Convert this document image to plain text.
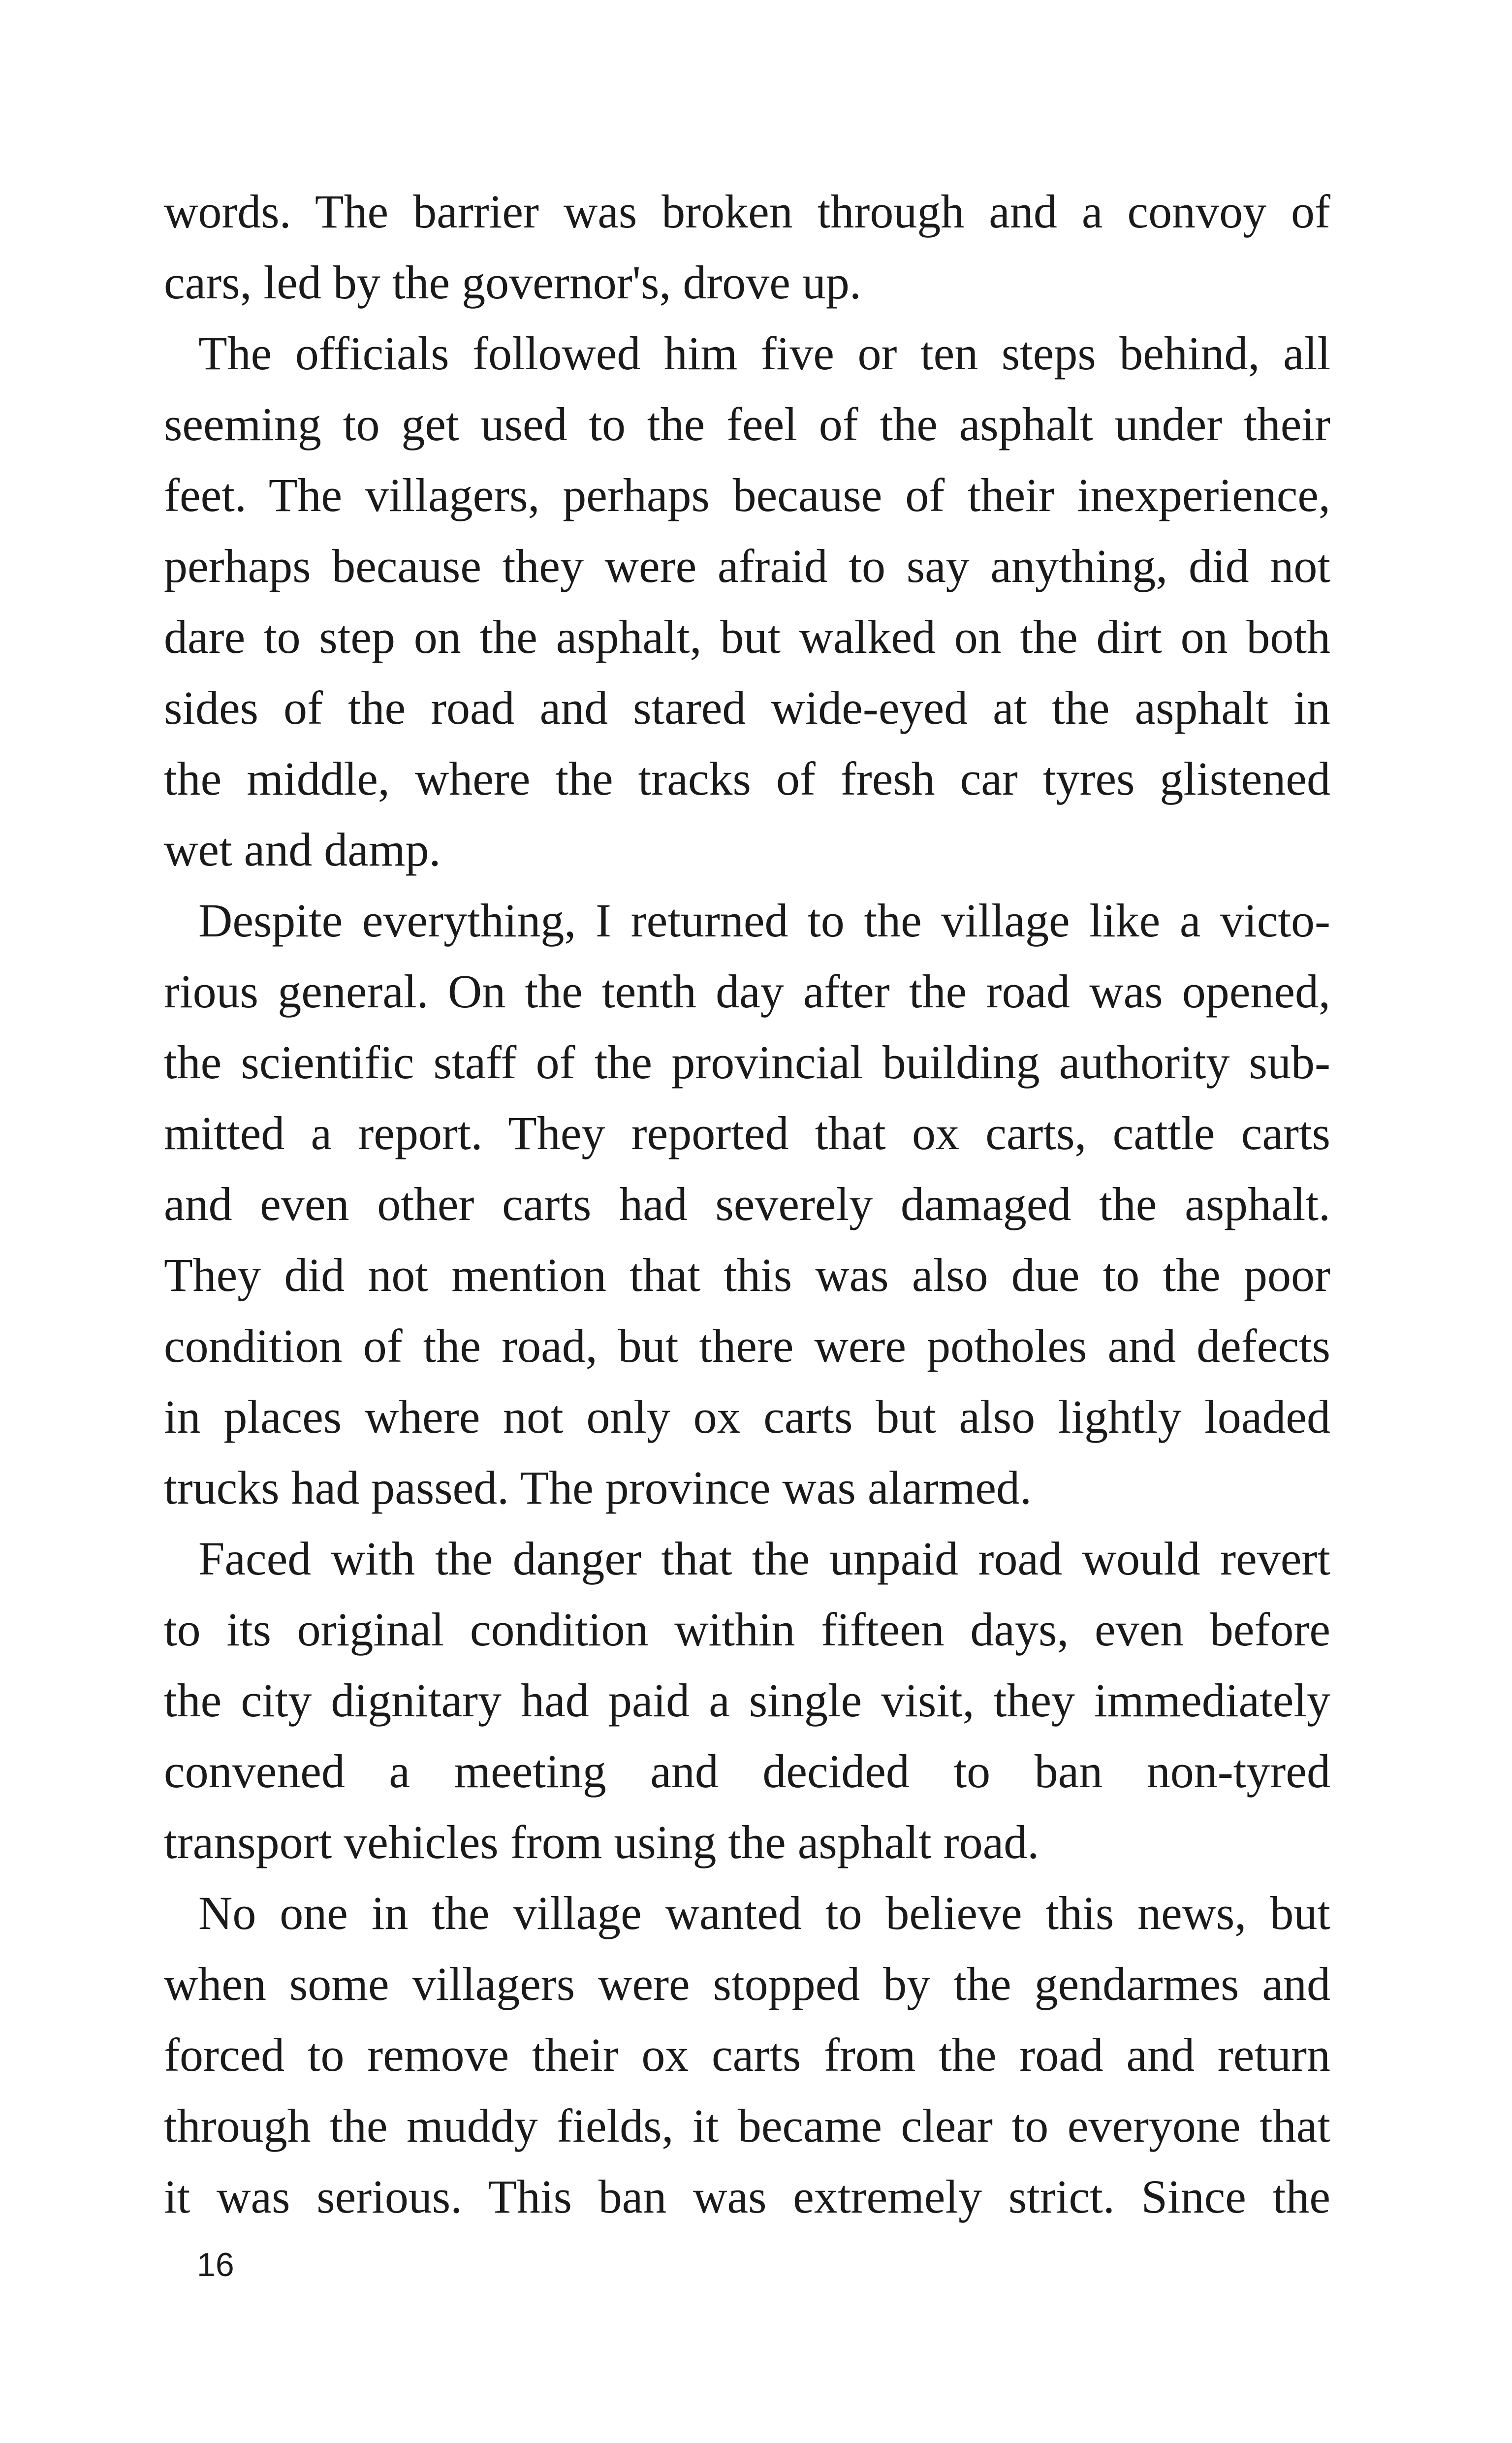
words. The barrier was broken through and a convoy of
cars, led by the governor's, drove up.
The officials followed him five or ten steps behind, all
seeming to get used to the feel of the asphalt under their
feet. The villagers, perhaps because of their inexperience,
perhaps because they were afraid to say anything, did not
dare to step on the asphalt, but walked on the dirt on both
sides of the road and stared wide-eyed at the asphalt in
the middle, where the tracks of fresh car tyres glistened
wet and damp.
Despite everything, I returned to the village like a victo-
rious general. On the tenth day after the road was opened,
the scientific staff of the provincial building authority sub-
mitted a report. They reported that ox carts, cattle carts
and even other carts had severely damaged the asphalt.
They did not mention that this was also due to the poor
condition of the road, but there were potholes and defects
in places where not only ox carts but also lightly loaded
trucks had passed. The province was alarmed.
Faced with the danger that the unpaid road would revert
to its original condition within fifteen days, even before
the city dignitary had paid a single visit, they immediately
convened a meeting and decided to ban non-tyred
transport vehicles from using the asphalt road.
No one in the village wanted to believe this news, but
when some villagers were stopped by the gendarmes and
forced to remove their ox carts from the road and return
through the muddy fields, it became clear to everyone that
it was serious. This ban was extremely strict. Since the
16
